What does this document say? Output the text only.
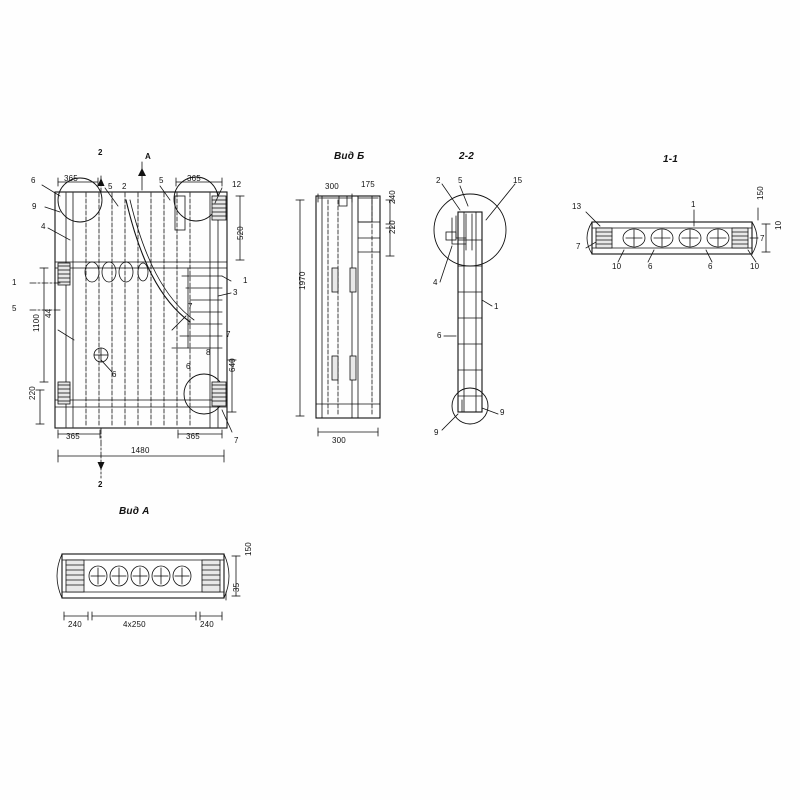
Вид Б	2-2	1-1
Вид А
2	A
6	365
5 2
5	365
12
9
4	520
1
3
1
5
44
1100
6
7
7
6
8
640
220
365	365	7
1480
2
300	175
240
220
1970
300
2 5	15
4
1
6
9
9
13	1
150
10
7
7
10	6	6	10
150
35
240	4x250	240
